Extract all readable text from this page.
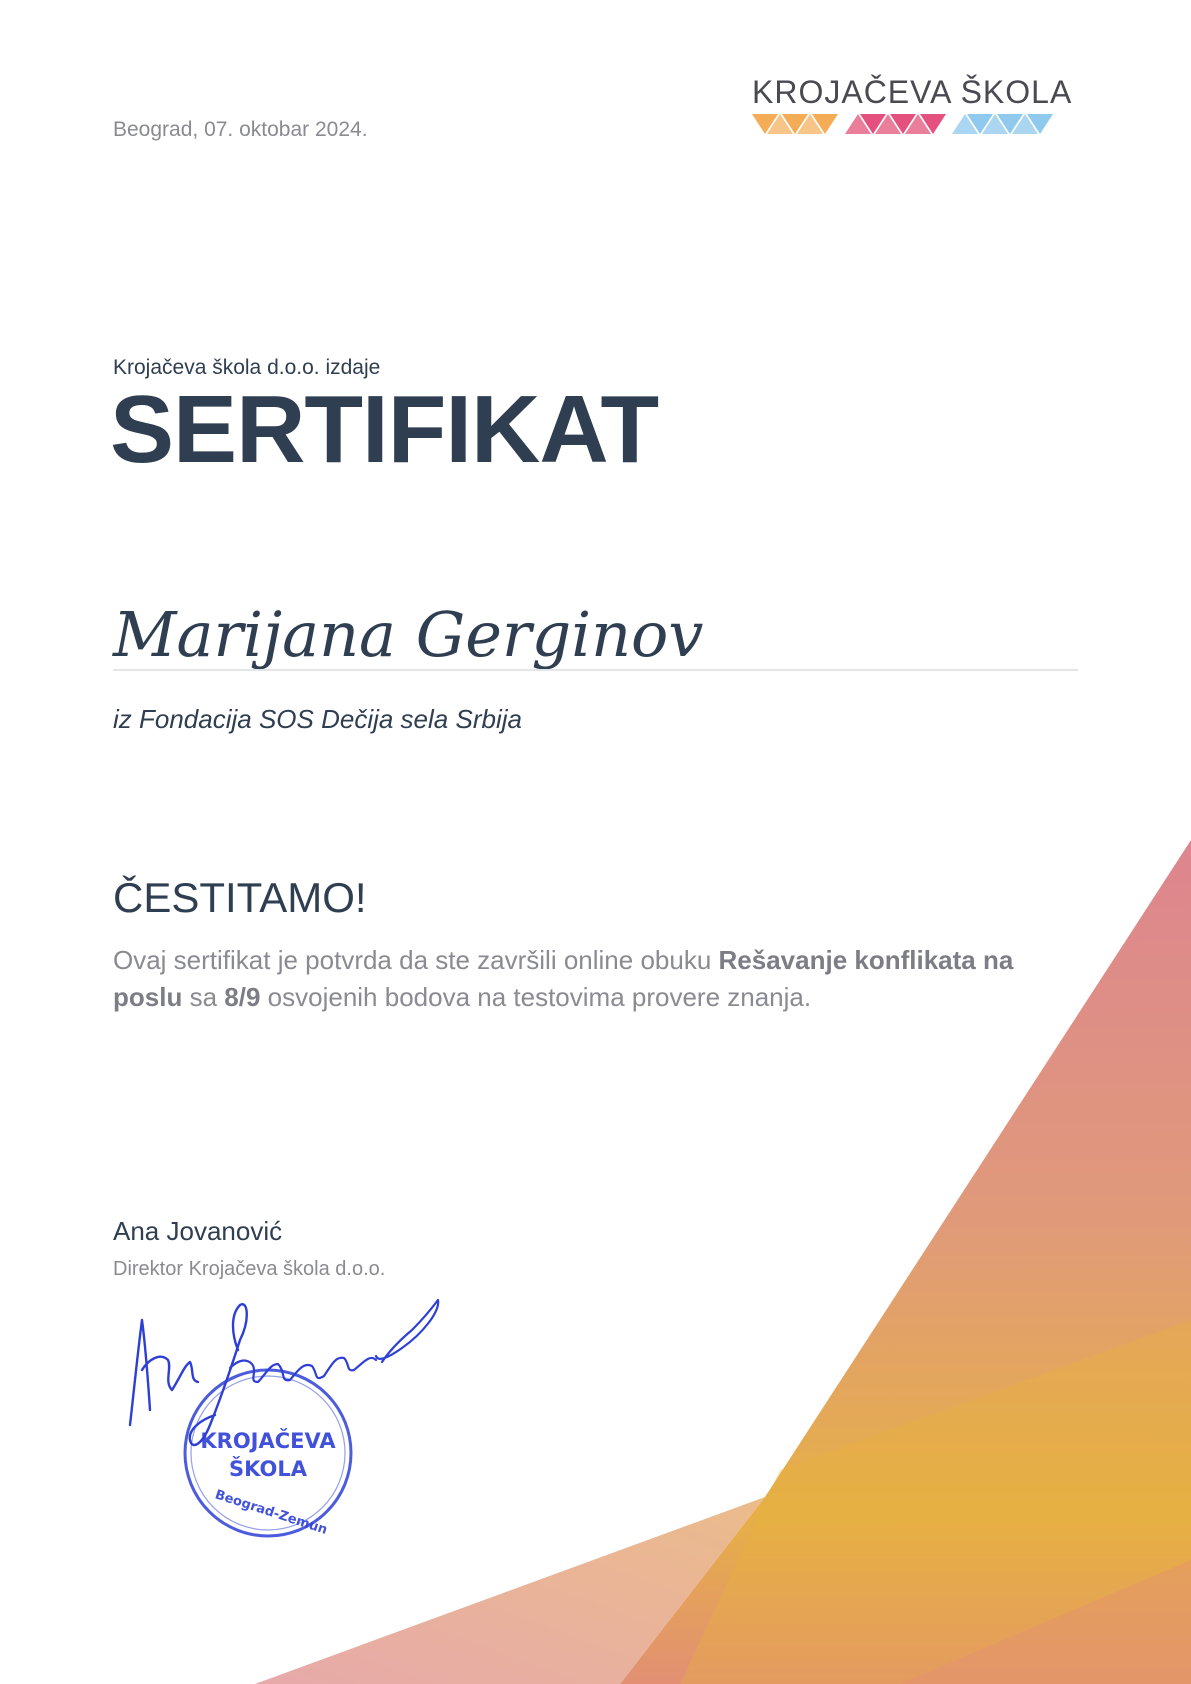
Beograd, 07. oktobar 2024.
KROJAČEVA ŠKOLA
Krojačeva škola d.o.o. izdaje
SERTIFIKAT
Marijana Gerginov
iz Fondacija SOS Dečija sela Srbija
ČESTITAMO!
Ovaj sertifikat je potvrda da ste završili online obuku Rešavanje konflikata na poslu sa 8/9 osvojenih bodova na testovima provere znanja.
Ana Jovanović
Direktor Krojačeva škola d.o.o.
KROJAČEVA
ŠKOLA
Beograd-Zemun
